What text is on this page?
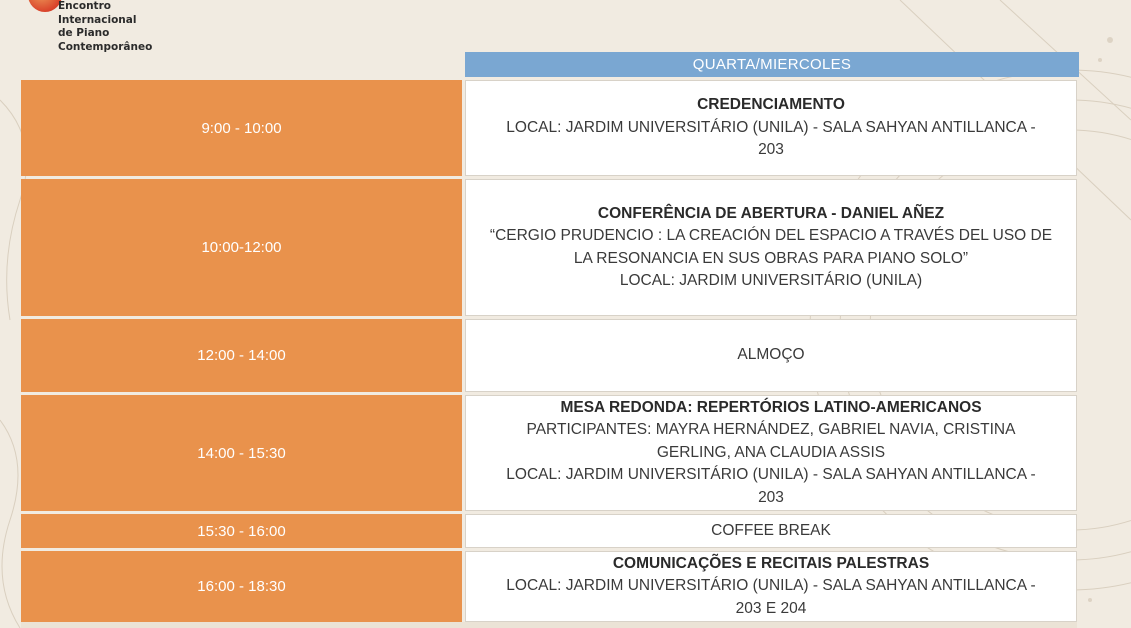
Encontro
Internacional
de Piano
Contemporâneo
QUARTA/MIERCOLES
9:00 - 10:00
CREDENCIAMENTO
LOCAL: JARDIM UNIVERSITÁRIO (UNILA) - SALA SAHYAN ANTILLANCA -
203
10:00-12:00
CONFERÊNCIA DE ABERTURA - DANIEL AÑEZ
“CERGIO PRUDENCIO : LA CREACIÓN DEL ESPACIO A TRAVÉS DEL USO DE
LA RESONANCIA EN SUS OBRAS PARA PIANO SOLO”
LOCAL: JARDIM UNIVERSITÁRIO (UNILA)
12:00 - 14:00	ALMOÇO
14:00 - 15:30
MESA REDONDA: REPERTÓRIOS LATINO-AMERICANOS
PARTICIPANTES: MAYRA HERNÁNDEZ, GABRIEL NAVIA, CRISTINA
GERLING, ANA CLAUDIA ASSIS
LOCAL: JARDIM UNIVERSITÁRIO (UNILA) - SALA SAHYAN ANTILLANCA -
203
15:30 - 16:00	COFFEE BREAK
16:00 - 18:30
COMUNICAÇÕES E RECITAIS PALESTRAS
LOCAL: JARDIM UNIVERSITÁRIO (UNILA) - SALA SAHYAN ANTILLANCA -
203 E 204
